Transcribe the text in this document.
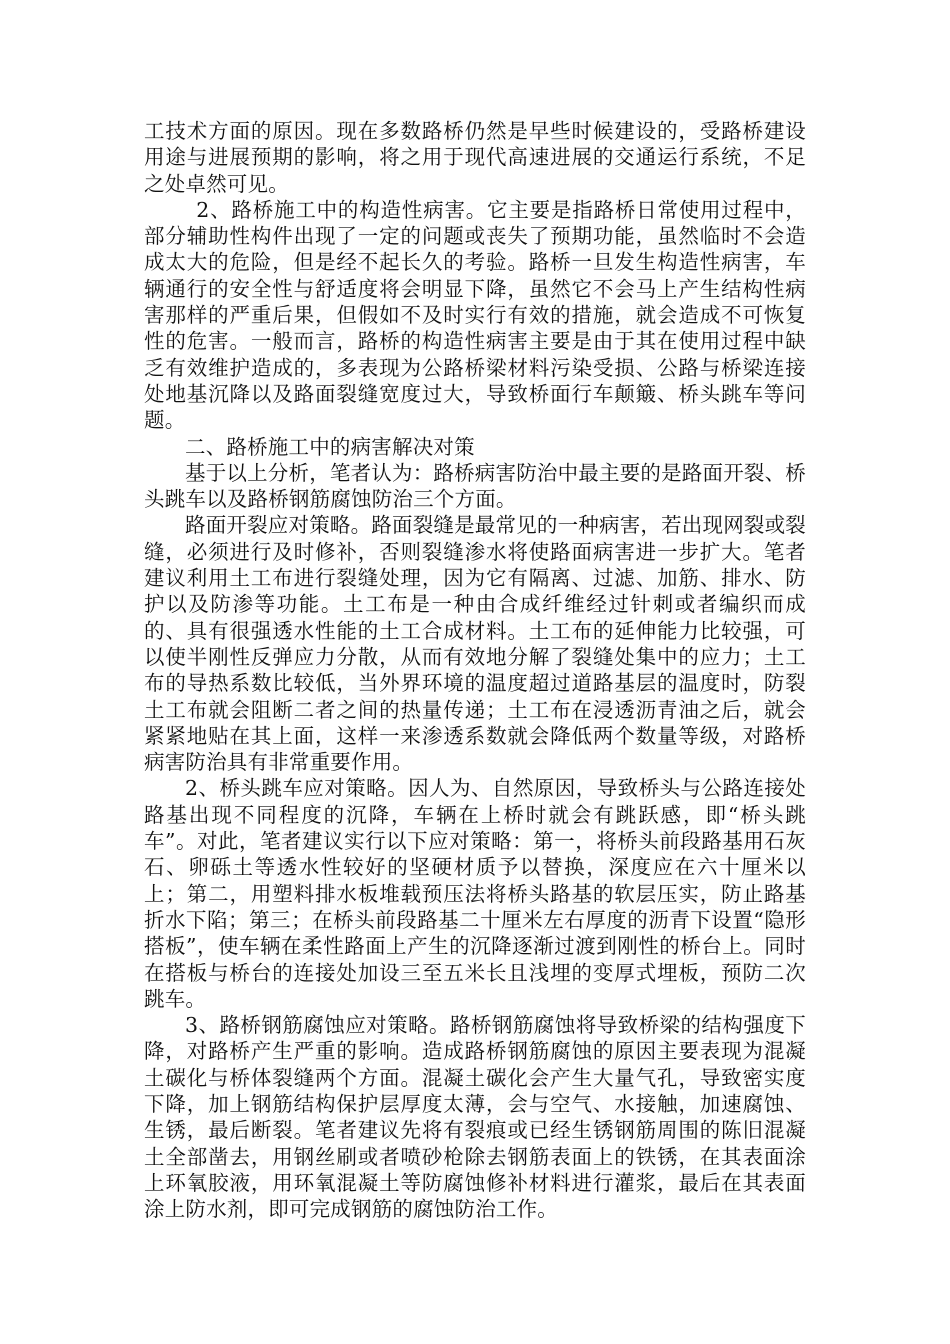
工技术方面的原因。现在多数路桥仍然是早些时候建设的，受路桥建设用途与进展预期的影响，将之用于现代高速进展的交通运行系统，不足之处卓然可见。

2、路桥施工中的构造性病害。它主要是指路桥日常使用过程中，部分辅助性构件出现了一定的问题或丧失了预期功能，虽然临时不会造成太大的危险，但是经不起长久的考验。路桥一旦发生构造性病害，车辆通行的安全性与舒适度将会明显下降，虽然它不会马上产生结构性病害那样的严重后果，但假如不及时实行有效的措施，就会造成不可恢复性的危害。一般而言，路桥的构造性病害主要是由于其在使用过程中缺乏有效维护造成的，多表现为公路桥梁材料污染受损、公路与桥梁连接处地基沉降以及路面裂缝宽度过大，导致桥面行车颠簸、桥头跳车等问题。

二、路桥施工中的病害解决对策

基于以上分析，笔者认为：路桥病害防治中最主要的是路面开裂、桥头跳车以及路桥钢筋腐蚀防治三个方面。

路面开裂应对策略。路面裂缝是最常见的一种病害，若出现网裂或裂缝，必须进行及时修补，否则裂缝渗水将使路面病害进一步扩大。笔者建议利用土工布进行裂缝处理，因为它有隔离、过滤、加筋、排水、防护以及防渗等功能。土工布是一种由合成纤维经过针刺或者编织而成的、具有很强透水性能的土工合成材料。土工布的延伸能力比较强，可以使半刚性反弹应力分散，从而有效地分解了裂缝处集中的应力；土工布的导热系数比较低，当外界环境的温度超过道路基层的温度时，防裂土工布就会阻断二者之间的热量传递；土工布在浸透沥青油之后，就会紧紧地贴在其上面，这样一来渗透系数就会降低两个数量等级，对路桥病害防治具有非常重要作用。

2、桥头跳车应对策略。因人为、自然原因，导致桥头与公路连接处路基出现不同程度的沉降，车辆在上桥时就会有跳跃感，即“桥头跳车”。对此，笔者建议实行以下应对策略：第一，将桥头前段路基用石灰石、卵砾土等透水性较好的坚硬材质予以替换，深度应在六十厘米以上；第二，用塑料排水板堆载预压法将桥头路基的软层压实，防止路基折水下陷；第三；在桥头前段路基二十厘米左右厚度的沥青下设置“隐形搭板”，使车辆在柔性路面上产生的沉降逐渐过渡到刚性的桥台上。同时在搭板与桥台的连接处加设三至五米长且浅埋的变厚式埋板，预防二次跳车。

3、路桥钢筋腐蚀应对策略。路桥钢筋腐蚀将导致桥梁的结构强度下降，对路桥产生严重的影响。造成路桥钢筋腐蚀的原因主要表现为混凝土碳化与桥体裂缝两个方面。混凝土碳化会产生大量气孔，导致密实度下降，加上钢筋结构保护层厚度太薄，会与空气、水接触，加速腐蚀、生锈，最后断裂。笔者建议先将有裂痕或已经生锈钢筋周围的陈旧混凝土全部凿去，用钢丝刷或者喷砂枪除去钢筋表面上的铁锈，在其表面涂上环氧胶液，用环氧混凝土等防腐蚀修补材料进行灌浆，最后在其表面涂上防水剂，即可完成钢筋的腐蚀防治工作。
